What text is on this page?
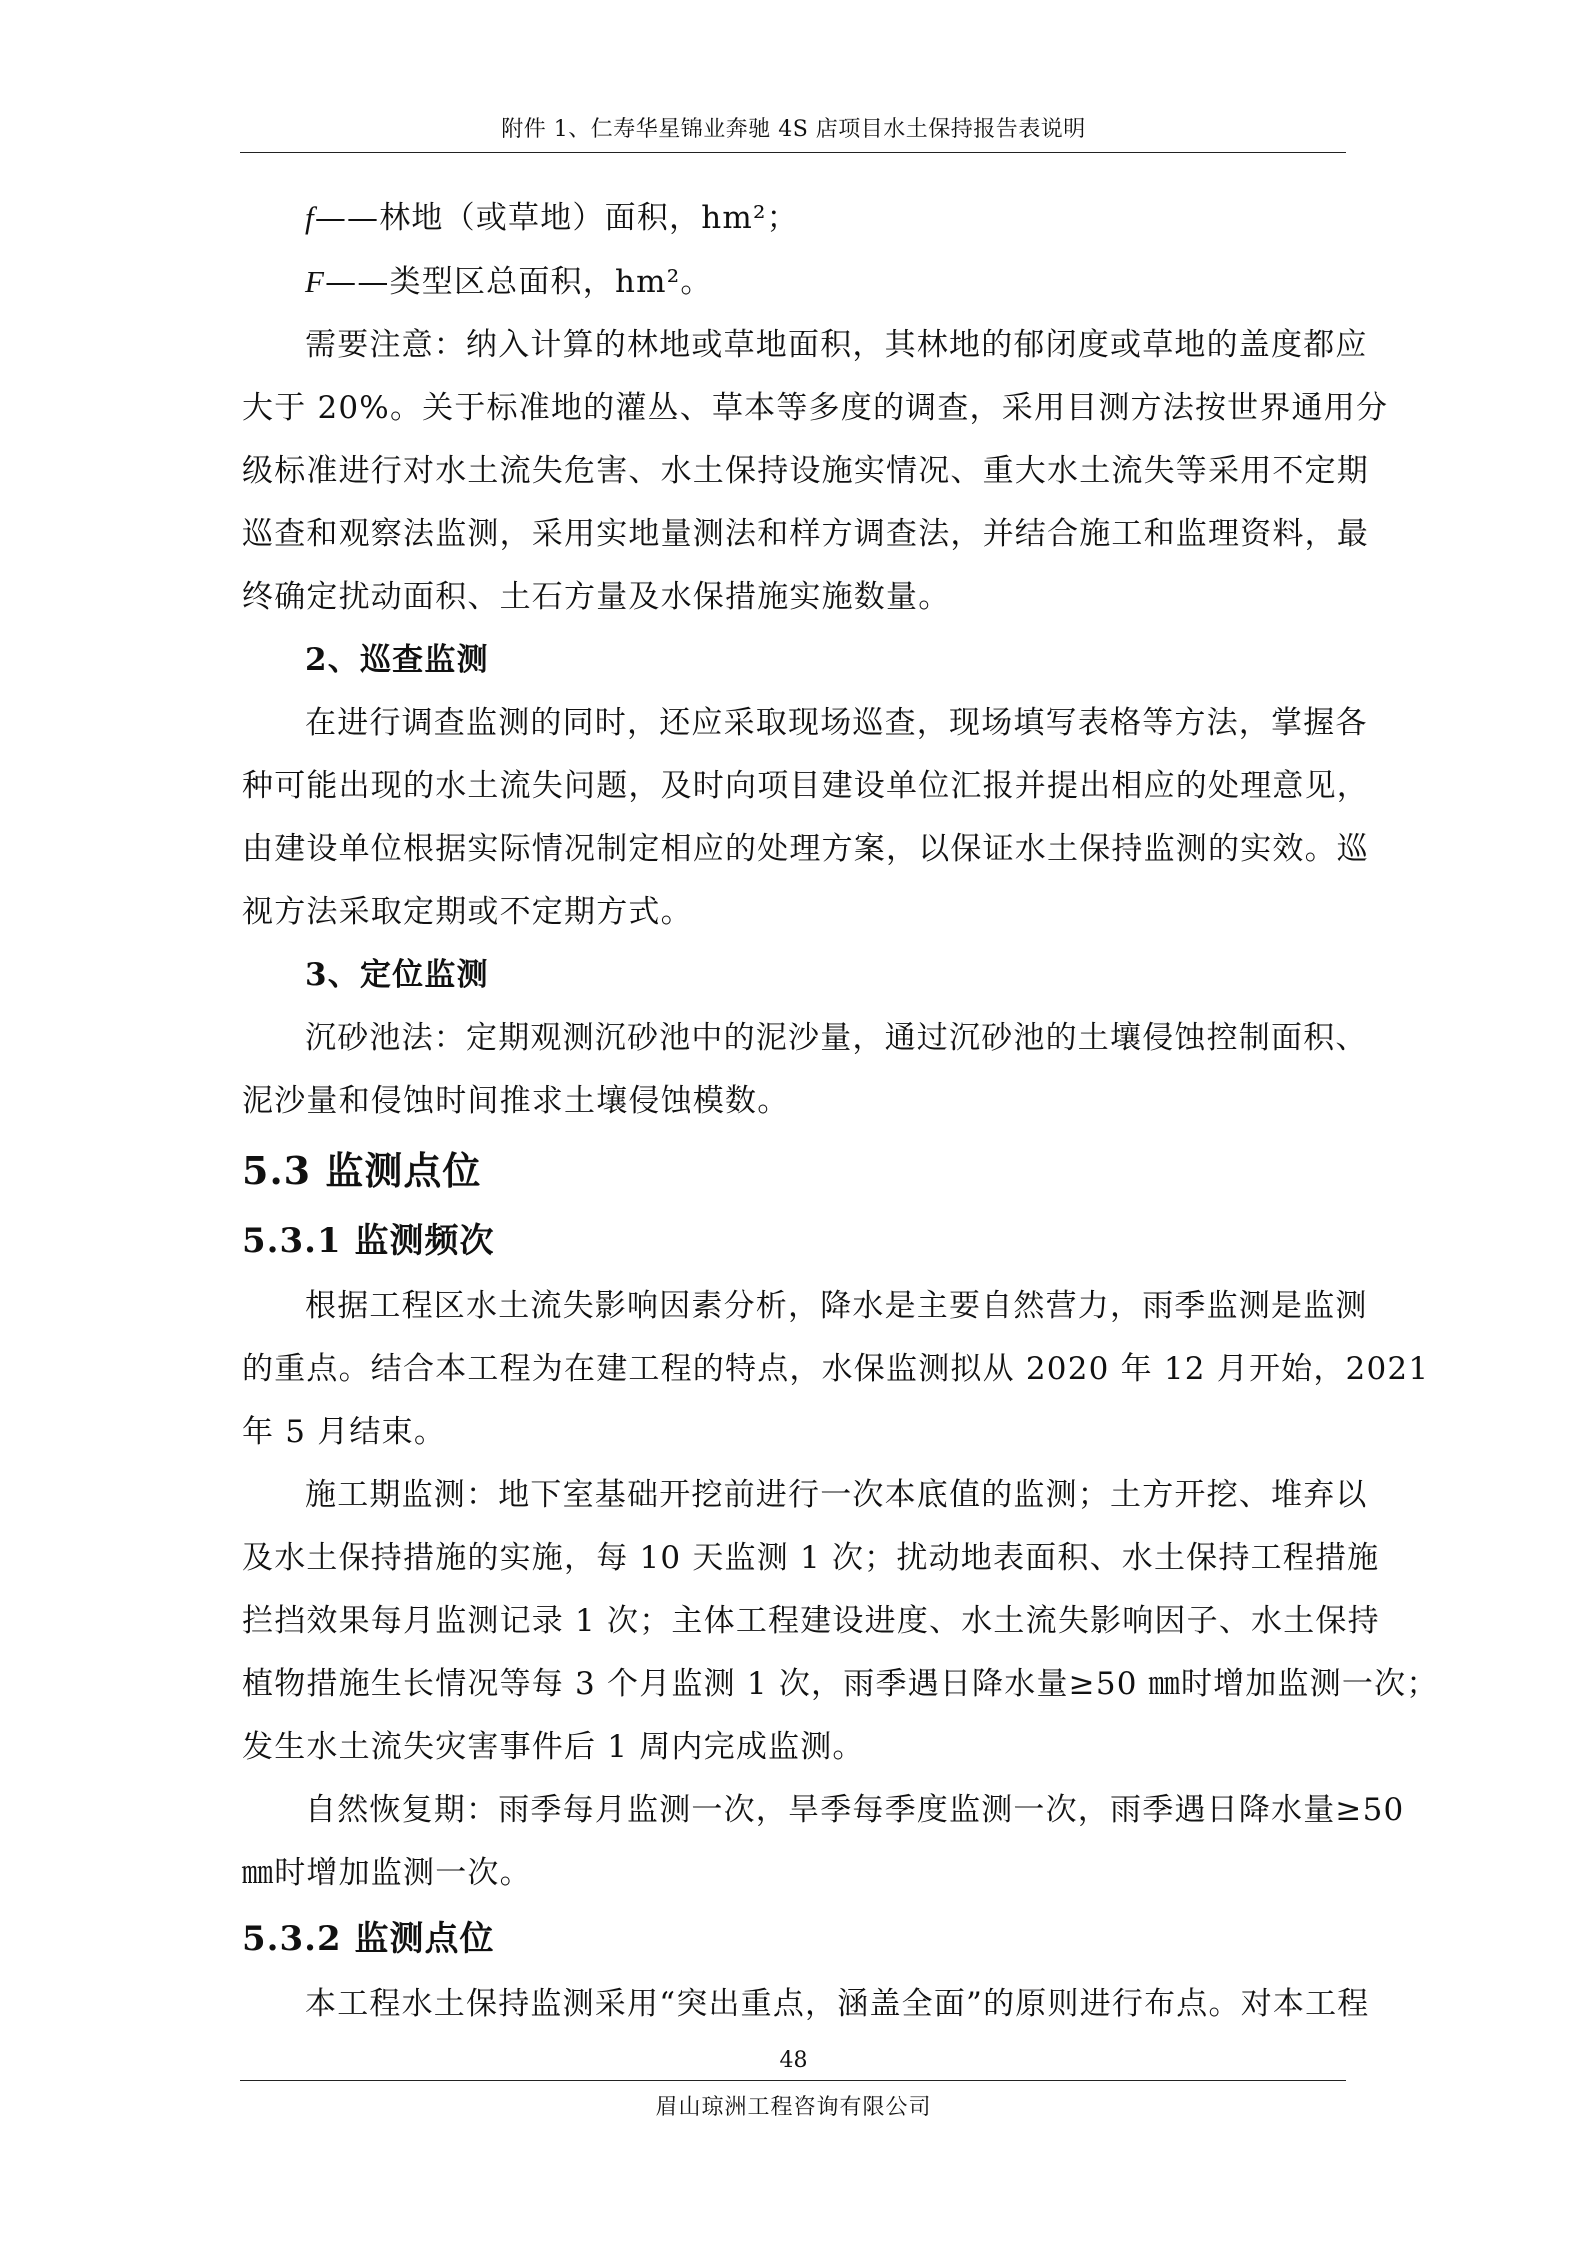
附件 1、仁寿华星锦业奔驰 4S 店项目水土保持报告表说明
f——林地（或草地）面积，hm²；
F——类型区总面积，hm²。
需要注意：纳入计算的林地或草地面积，其林地的郁闭度或草地的盖度都应
大于 20%。关于标准地的灌丛、草本等多度的调查，采用目测方法按世界通用分
级标准进行对水土流失危害、水土保持设施实情况、重大水土流失等采用不定期
巡查和观察法监测，采用实地量测法和样方调查法，并结合施工和监理资料，最
终确定扰动面积、土石方量及水保措施实施数量。
2、巡查监测
在进行调查监测的同时，还应采取现场巡查，现场填写表格等方法，掌握各
种可能出现的水土流失问题，及时向项目建设单位汇报并提出相应的处理意见，
由建设单位根据实际情况制定相应的处理方案，以保证水土保持监测的实效。巡
视方法采取定期或不定期方式。
3、定位监测
沉砂池法：定期观测沉砂池中的泥沙量，通过沉砂池的土壤侵蚀控制面积、
泥沙量和侵蚀时间推求土壤侵蚀模数。
5.3 监测点位
5.3.1 监测频次
根据工程区水土流失影响因素分析，降水是主要自然营力，雨季监测是监测
的重点。结合本工程为在建工程的特点，水保监测拟从 2020 年 12 月开始，2021
年 5 月结束。
施工期监测：地下室基础开挖前进行一次本底值的监测；土方开挖、堆弃以
及水土保持措施的实施，每 10 天监测 1 次；扰动地表面积、水土保持工程措施
拦挡效果每月监测记录 1 次；主体工程建设进度、水土流失影响因子、水土保持
植物措施生长情况等每 3 个月监测 1 次，雨季遇日降水量≥50 ㎜时增加监测一次；
发生水土流失灾害事件后 1 周内完成监测。
自然恢复期：雨季每月监测一次，旱季每季度监测一次，雨季遇日降水量≥50
㎜时增加监测一次。
5.3.2 监测点位
本工程水土保持监测采用“突出重点，涵盖全面”的原则进行布点。对本工程
48
眉山琼洲工程咨询有限公司
